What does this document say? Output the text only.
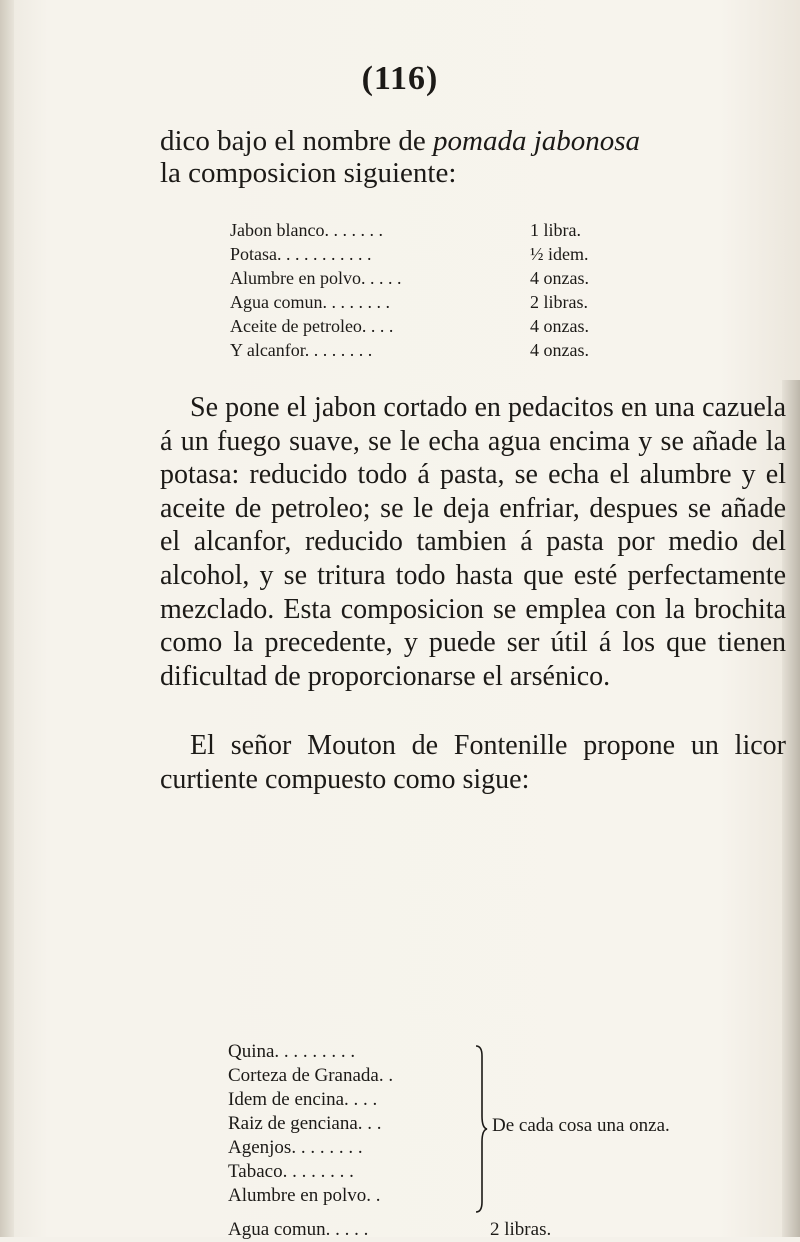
(116)
dico bajo el nombre de pomada jabonosa
la composicion siguiente:
Jabon blanco. . . . . . .	1 libra.
Potasa. . . . . . . . . . .	½ idem.
Alumbre en polvo. . . . .	4 onzas.
Agua comun. . . . . . . .	2 libras.
Aceite de petroleo. . . .	4 onzas.
Y alcanfor. . . . . . . .	4 onzas.
Se pone el jabon cortado en pedacitos en una cazuela á un fuego suave, se le echa agua encima y se añade la potasa: reducido todo á pasta, se echa el alumbre y el aceite de petroleo; se le deja enfriar, despues se añade el alcanfor, reducido tambien á pasta por medio del alcohol, y se tritura todo hasta que esté perfectamente mezclado. Esta composicion se emplea con la brochita como la precedente, y puede ser útil á los que tienen dificultad de proporcionarse el arsénico.
El señor Mouton de Fontenille propone un licor curtiente compuesto como sigue:
Quina. . . . . . . . .
Corteza de Granada. .
Idem de encina. . . .
Raiz de genciana. . .
Agenjos. . . . . . . .
Tabaco. . . . . . . .
Alumbre en polvo. .
De cada cosa una onza.
Agua comun. . . . .	2 libras.
